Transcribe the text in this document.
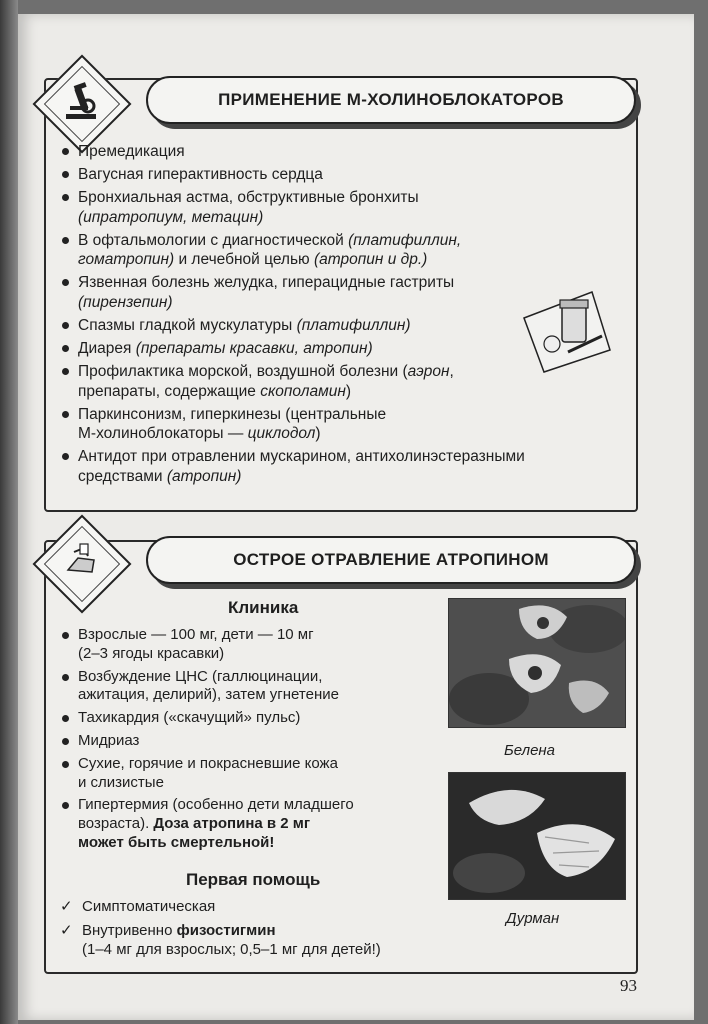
ПРИМЕНЕНИЕ М-ХОЛИНОБЛОКАТОРОВ
Премедикация
Вагусная гиперактивность сердца
Бронхиальная астма, обструктивные бронхиты
(ипратропиум, метацин)
В офтальмологии с диагностической (платифиллин,
гоматропин) и лечебной целью (атропин и др.)
Язвенная болезнь желудка, гиперацидные гастриты
(пирензепин)
Спазмы гладкой мускулатуры (платифиллин)
Диарея (препараты красавки, атропин)
Профилактика морской, воздушной болезни (аэрон,
препараты, содержащие скополамин)
Паркинсонизм, гиперкинезы (центральные
М-холиноблокаторы — циклодол)
Антидот при отравлении мускарином, антихолинэстеразными
средствами (атропин)
ОСТРОЕ ОТРАВЛЕНИЕ АТРОПИНОМ
Клиника
Взрослые — 100 мг, дети — 10 мг
(2–3 ягоды красавки)
Возбуждение ЦНС (галлюцинации,
ажитация, делирий), затем угнетение
Тахикардия («скачущий» пульс)
Мидриаз
Сухие, горячие и покрасневшие кожа
и слизистые
Гипертермия (особенно дети младшего
возраста). Доза атропина в 2 мг
может быть смертельной!
Первая помощь
✓ Симптоматическая
✓ Внутривенно физостигмин
(1–4 мг для взрослых; 0,5–1 мг для детей!)
Белена
Дурман
93
